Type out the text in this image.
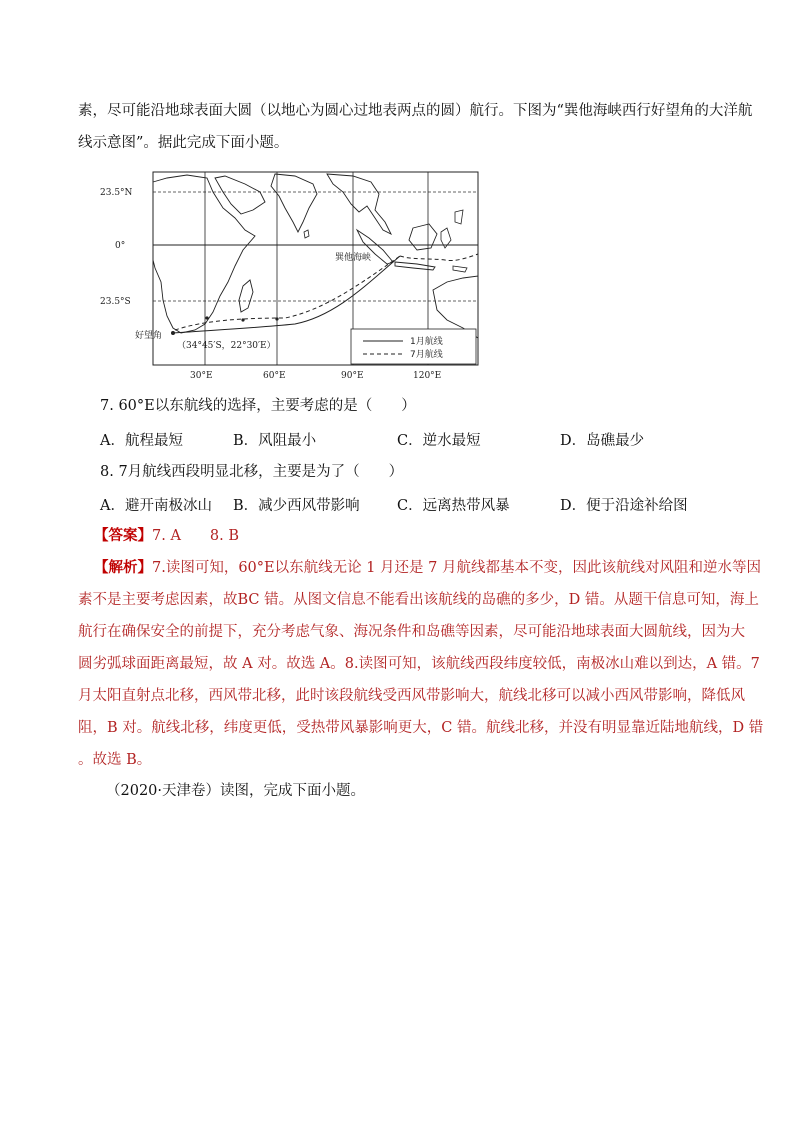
素，尽可能沿地球表面大圆（以地心为圆心过地表两点的圆）航行。下图为“巽他海峡西行好望角的大洋航
线示意图”。据此完成下面小题。
23.5°N
0°
23.5°S
30°E	60°E	90°E	120°E
巽他海峡
好望角
（34°45′S，22°30′E）	1月航线
7月航线
7. 60°E以东航线的选择，主要考虑的是（　　）
A．航程最短	B．风阻最小	C．逆水最短	D．岛礁最少
8. 7月航线西段明显北移，主要是为了（　　）
A．避开南极冰山 B．减少西风带影响	C．远离热带风暴	D．便于沿途补给图
【答案】7. A　　8. B
【解析】7.读图可知，60°E以东航线无论 1 月还是 7 月航线都基本不变，因此该航线对风阻和逆水等因
素不是主要考虑因素，故BC 错。从图文信息不能看出该航线的岛礁的多少，D 错。从题干信息可知，海上
航行在确保安全的前提下，充分考虑气象、海况条件和岛礁等因素，尽可能沿地球表面大圆航线，因为大
圆劣弧球面距离最短，故 A 对。故选 A。8.读图可知，该航线西段纬度较低，南极冰山难以到达，A 错。7
月太阳直射点北移，西风带北移，此时该段航线受西风带影响大，航线北移可以减小西风带影响，降低风
阻，B 对。航线北移，纬度更低，受热带风暴影响更大，C 错。航线北移，并没有明显靠近陆地航线，D 错
。故选 B。
（2020·天津卷）读图，完成下面小题。
